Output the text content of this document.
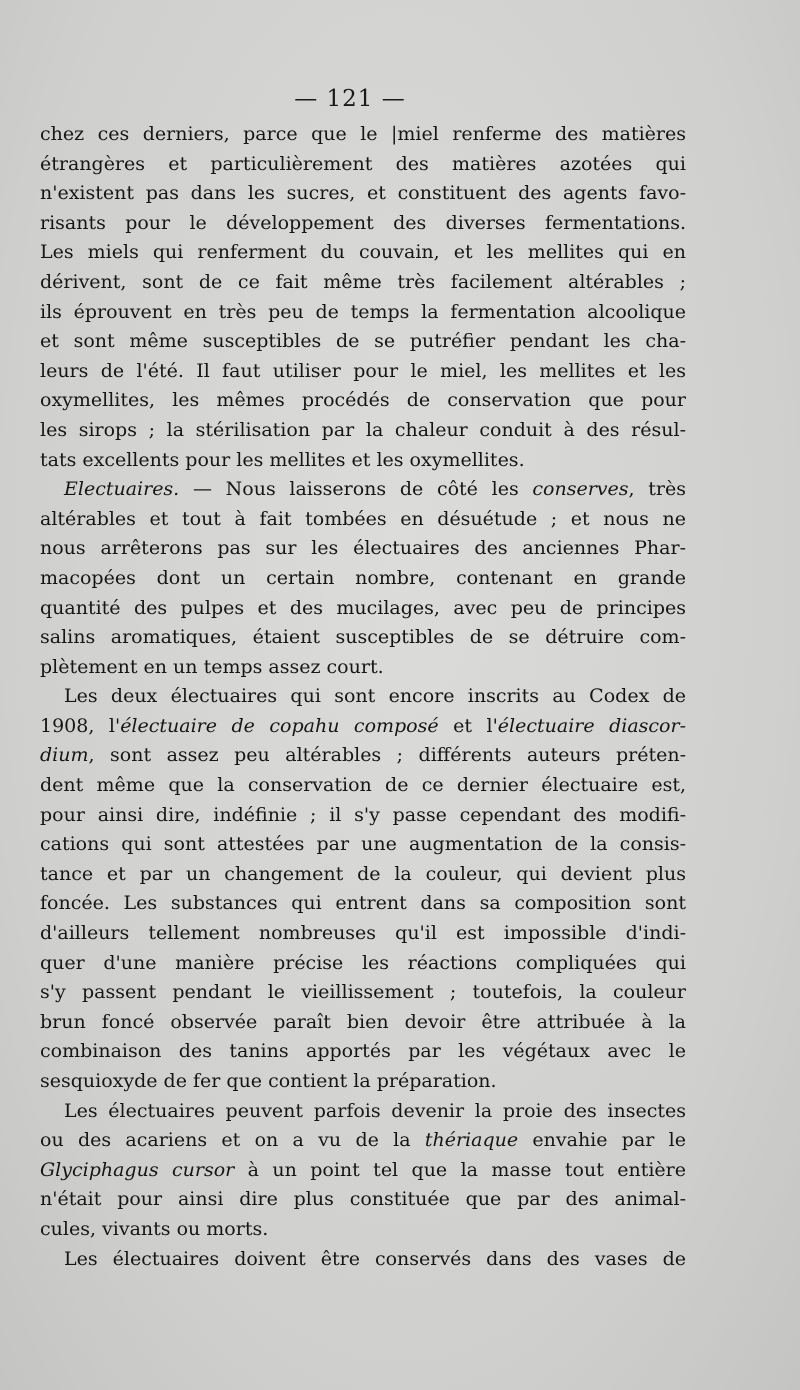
— 121 —
chez ces derniers, parce que le |miel renferme des matières
étrangères et particulièrement des matières azotées qui
n'existent pas dans les sucres, et constituent des agents favo-
risants pour le développement des diverses fermentations.
Les miels qui renferment du couvain, et les mellites qui en
dérivent, sont de ce fait même très facilement altérables ;
ils éprouvent en très peu de temps la fermentation alcoolique
et sont même susceptibles de se putréfier pendant les cha-
leurs de l'été. Il faut utiliser pour le miel, les mellites et les
oxymellites, les mêmes procédés de conservation que pour
les sirops ; la stérilisation par la chaleur conduit à des résul-
tats excellents pour les mellites et les oxymellites.
Electuaires. — Nous laisserons de côté les conserves, très
altérables et tout à fait tombées en désuétude ; et nous ne
nous arrêterons pas sur les électuaires des anciennes Phar-
macopées dont un certain nombre, contenant en grande
quantité des pulpes et des mucilages, avec peu de principes
salins aromatiques, étaient susceptibles de se détruire com-
plètement en un temps assez court.
Les deux électuaires qui sont encore inscrits au Codex de
1908, l'électuaire de copahu composé et l'électuaire diascor-
dium, sont assez peu altérables ; différents auteurs préten-
dent même que la conservation de ce dernier électuaire est,
pour ainsi dire, indéfinie ; il s'y passe cependant des modifi-
cations qui sont attestées par une augmentation de la consis-
tance et par un changement de la couleur, qui devient plus
foncée. Les substances qui entrent dans sa composition sont
d'ailleurs tellement nombreuses qu'il est impossible d'indi-
quer d'une manière précise les réactions compliquées qui
s'y passent pendant le vieillissement ; toutefois, la couleur
brun foncé observée paraît bien devoir être attribuée à la
combinaison des tanins apportés par les végétaux avec le
sesquioxyde de fer que contient la préparation.
Les électuaires peuvent parfois devenir la proie des insectes
ou des acariens et on a vu de la thériaque envahie par le
Glyciphagus cursor à un point tel que la masse tout entière
n'était pour ainsi dire plus constituée que par des animal-
cules, vivants ou morts.
Les électuaires doivent être conservés dans des vases de
